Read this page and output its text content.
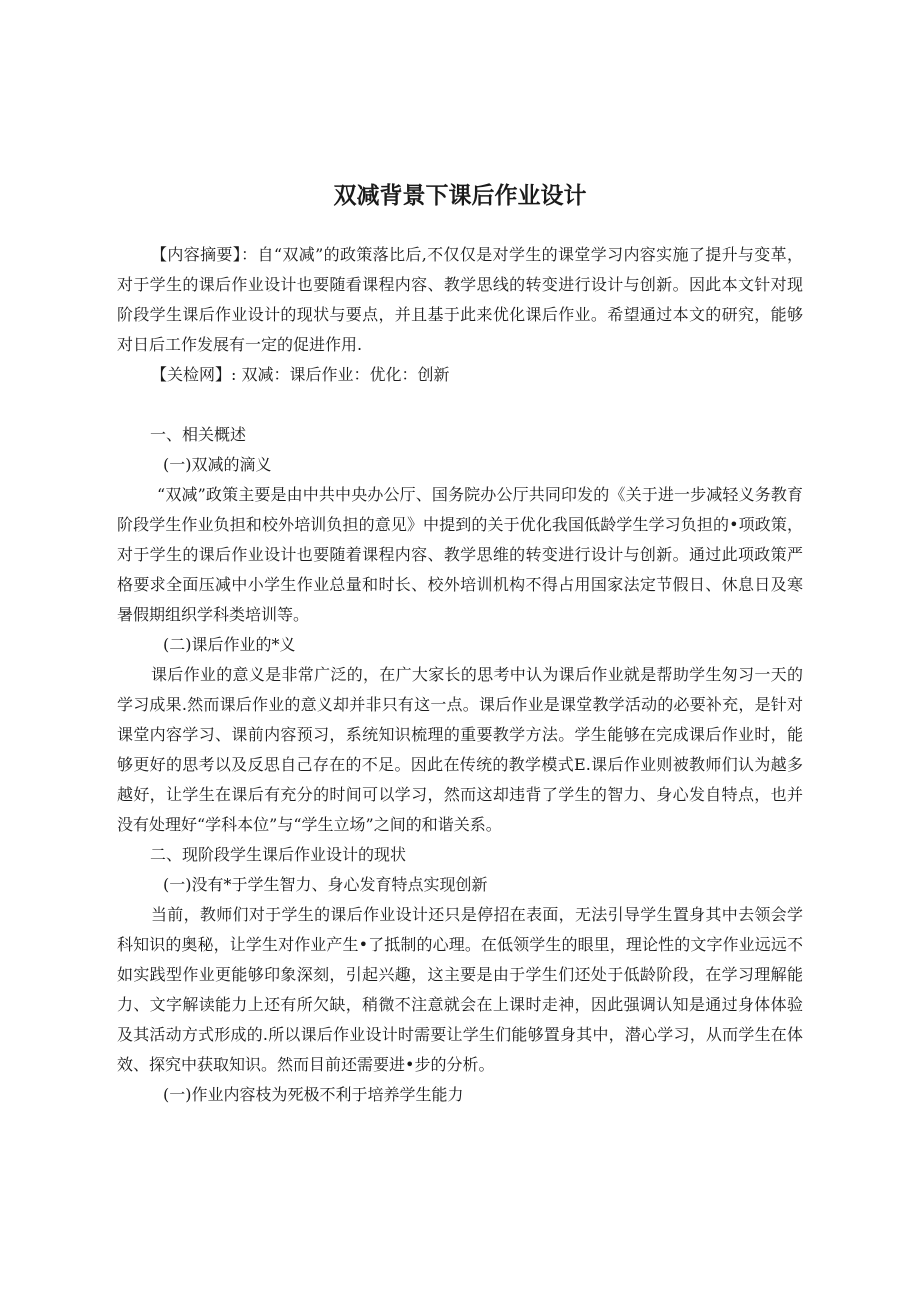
双减背景下课后作业设计

【内容摘要】：自“双减”的政策落比后,不仅仅是对学生的课堂学习内容实施了提升与变革，对于学生的课后作业设计也要随看课程内容、教学思线的转变进行设计与创新。因此本文针对现阶段学生课后作业设计的现状与要点，并且基于此来优化课后作业。希望通过本文的研究，能够对日后工作发展有一定的促进作用.

【关检网】: 双减：课后作业：优化：创新

一、相关概述

(一)双减的滴义

“双减”政策主要是由中共中央办公厅、国务院办公厅共同印发的《关于进一步减轻义务教育阶段学生作业负担和校外培训负担的意见》中提到的关于优化我国低龄学生学习负担的•项政策，对于学生的课后作业设计也要随着课程内容、教学思维的转变进行设计与创新。通过此项政策严格要求全面压减中小学生作业总量和时长、校外培训机构不得占用国家法定节假日、休息日及寒暑假期组织学科类培训等。

(二)课后作业的*义

课后作业的意义是非常广泛的，在广大家长的思考中认为课后作业就是帮助学生匆习一天的学习成果.然而课后作业的意义却并非只有这一点。课后作业是课堂教学活动的必要补充，是针对课堂内容学习、课前内容预习，系统知识梳理的重要教学方法。学生能够在完成课后作业时，能够更好的思考以及反思自己存在的不足。因此在传统的教学模式E.课后作业则被教师们认为越多越好，让学生在课后有充分的时间可以学习，然而这却违背了学生的智力、身心发自特点，也并没有处理好“学科本位”与“学生立场”之间的和谐关系。

二、现阶段学生课后作业设计的现状

(一)没有*于学生智力、身心发育特点实现创新

当前，教师们对于学生的课后作业设计还只是停招在表面，无法引导学生置身其中去领会学科知识的奥秘，让学生对作业产生•了抵制的心理。在低领学生的眼里，理论性的文字作业远远不如实践型作业更能够印象深刻，引起兴趣，这主要是由于学生们还处于低龄阶段，在学习理解能力、文字解读能力上还有所欠缺，稍微不注意就会在上课时走神，因此强调认知是通过身体体验及其活动方式形成的.所以课后作业设计时需要让学生们能够置身其中，潜心学习，从而学生在体效、探究中获取知识。然而目前还需要进•步的分析。

(一)作业内容枝为死极不利于培养学生能力
